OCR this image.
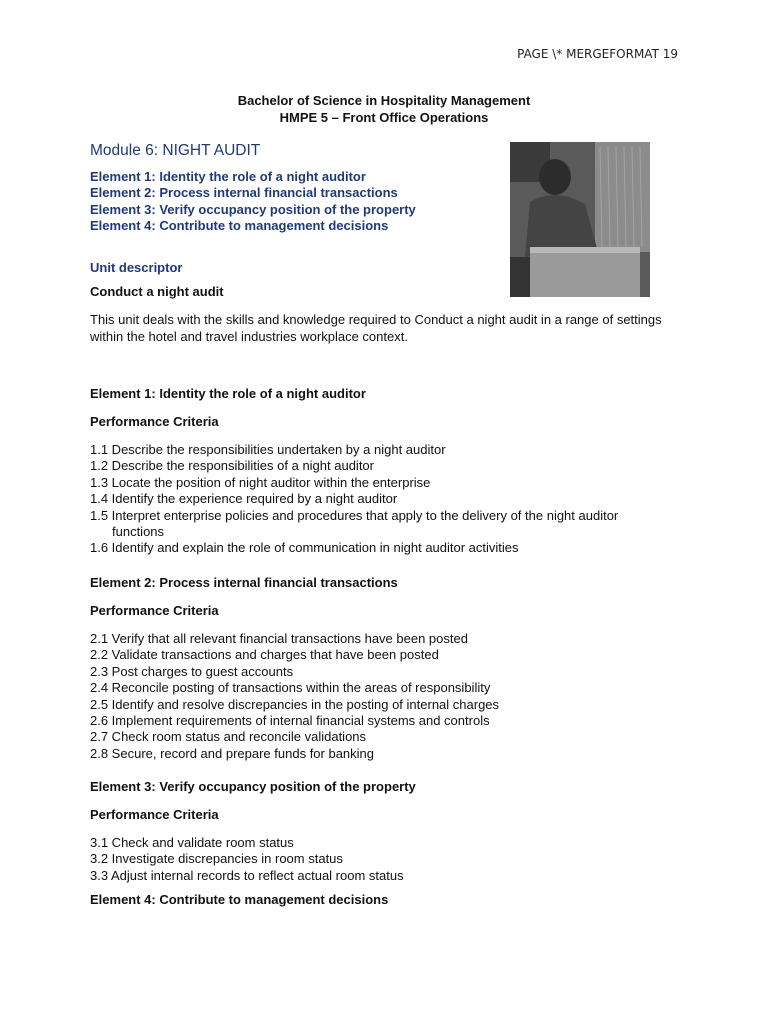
PAGE \* MERGEFORMAT 19
Bachelor of Science in Hospitality Management
HMPE 5 – Front Office Operations
Module 6: NIGHT AUDIT
Element 1: Identity the role of a night auditor
Element 2: Process internal financial transactions
Element 3: Verify occupancy position of the property
Element 4: Contribute to management decisions
Unit descriptor
Conduct a night audit
This unit deals with the skills and knowledge required to Conduct a night audit in a range of settings within the hotel and travel industries workplace context.
Element 1: Identity the role of a night auditor
Performance Criteria
1.1 Describe the responsibilities undertaken by a night auditor
1.2 Describe the responsibilities of a night auditor
1.3 Locate the position of night auditor within the enterprise
1.4 Identify the experience required by a night auditor
1.5 Interpret enterprise policies and procedures that apply to the delivery of the night auditor functions
1.6 Identify and explain the role of communication in night auditor activities
Element 2: Process internal financial transactions
Performance Criteria
2.1 Verify that all relevant financial transactions have been posted
2.2 Validate transactions and charges that have been posted
2.3 Post charges to guest accounts
2.4 Reconcile posting of transactions within the areas of responsibility
2.5 Identify and resolve discrepancies in the posting of internal charges
2.6 Implement requirements of internal financial systems and controls
2.7 Check room status and reconcile validations
2.8 Secure, record and prepare funds for banking
Element 3: Verify occupancy position of the property
Performance Criteria
3.1 Check and validate room status
3.2 Investigate discrepancies in room status
3.3 Adjust internal records to reflect actual room status
Element 4: Contribute to management decisions
